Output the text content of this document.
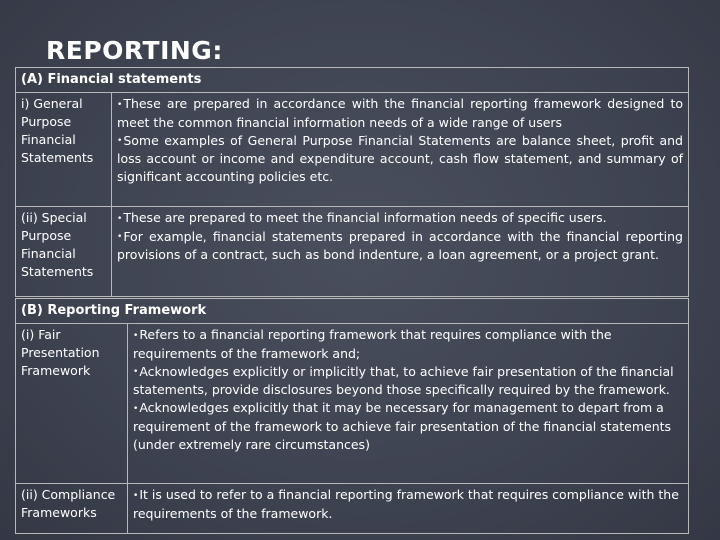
REPORTING:
(A) Financial statements	
i) General Purpose Financial Statements	•These are prepared in accordance with the financial reporting framework designed to meet the common financial information needs of a wide range of users
•Some examples of General Purpose Financial Statements are balance sheet, profit and loss account or income and expenditure account, cash flow statement, and summary of significant accounting policies etc.

(ii) Special Purpose Financial Statements	•These are prepared to meet the financial information needs of specific users.
•For example, financial statements prepared in accordance with the financial reporting provisions of a contract, such as bond indenture, a loan agreement, or a project grant.
(B) Reporting Framework	
(i) Fair Presentation Framework	•Refers to a financial reporting framework that requires compliance with the requirements of the framework and;
•Acknowledges explicitly or implicitly that, to achieve fair presentation of the financial statements, provide disclosures beyond those specifically required by the framework.
•Acknowledges explicitly that it may be necessary for management to depart from a requirement of the framework to achieve fair presentation of the financial statements (under extremely rare circumstances)

(ii) Compliance Frameworks	•It is used to refer to a financial reporting framework that requires compliance with the requirements of the framework.
